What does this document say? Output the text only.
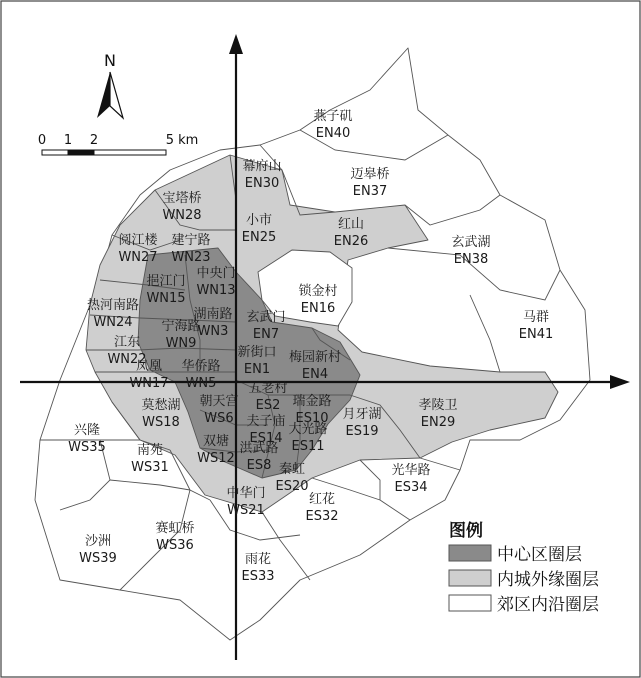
N
0 1 2	5 km
燕子矶 EN40
幕府山 EN30
迈皋桥 EN37
宝塔桥 WN28	小市 EN25
红山 EN26
阅江楼 WN27
建宁路 WN23
玄武湖 EN38
挹江门 WN15
中央门 WN13	锁金村 EN16
热河南路 WN24
湖南路 WN3
玄武门 EN7
马群 EN41
宁海路 WN9
江东 WN22	新街口 EN1
梅园新村 EN4
凤凰 WN17
华侨路 WN5	五老村 ES2
朝天宫 WS6
莫愁湖 WS18
瑞金路 ES10 月牙湖 ES19
孝陵卫 EN29
夫子庙 ES14
兴隆 WS35
大光路 ES11
双塘 WS12
洪武路 ES8
南苑 WS31	秦虹 ES20
光华路 ES34
中华门 WS21
红花 ES32
赛虹桥 WS36
沙洲 WS39	雨花 ES33
图例
中心区圈层
内城外缘圈层
郊区内沿圈层
